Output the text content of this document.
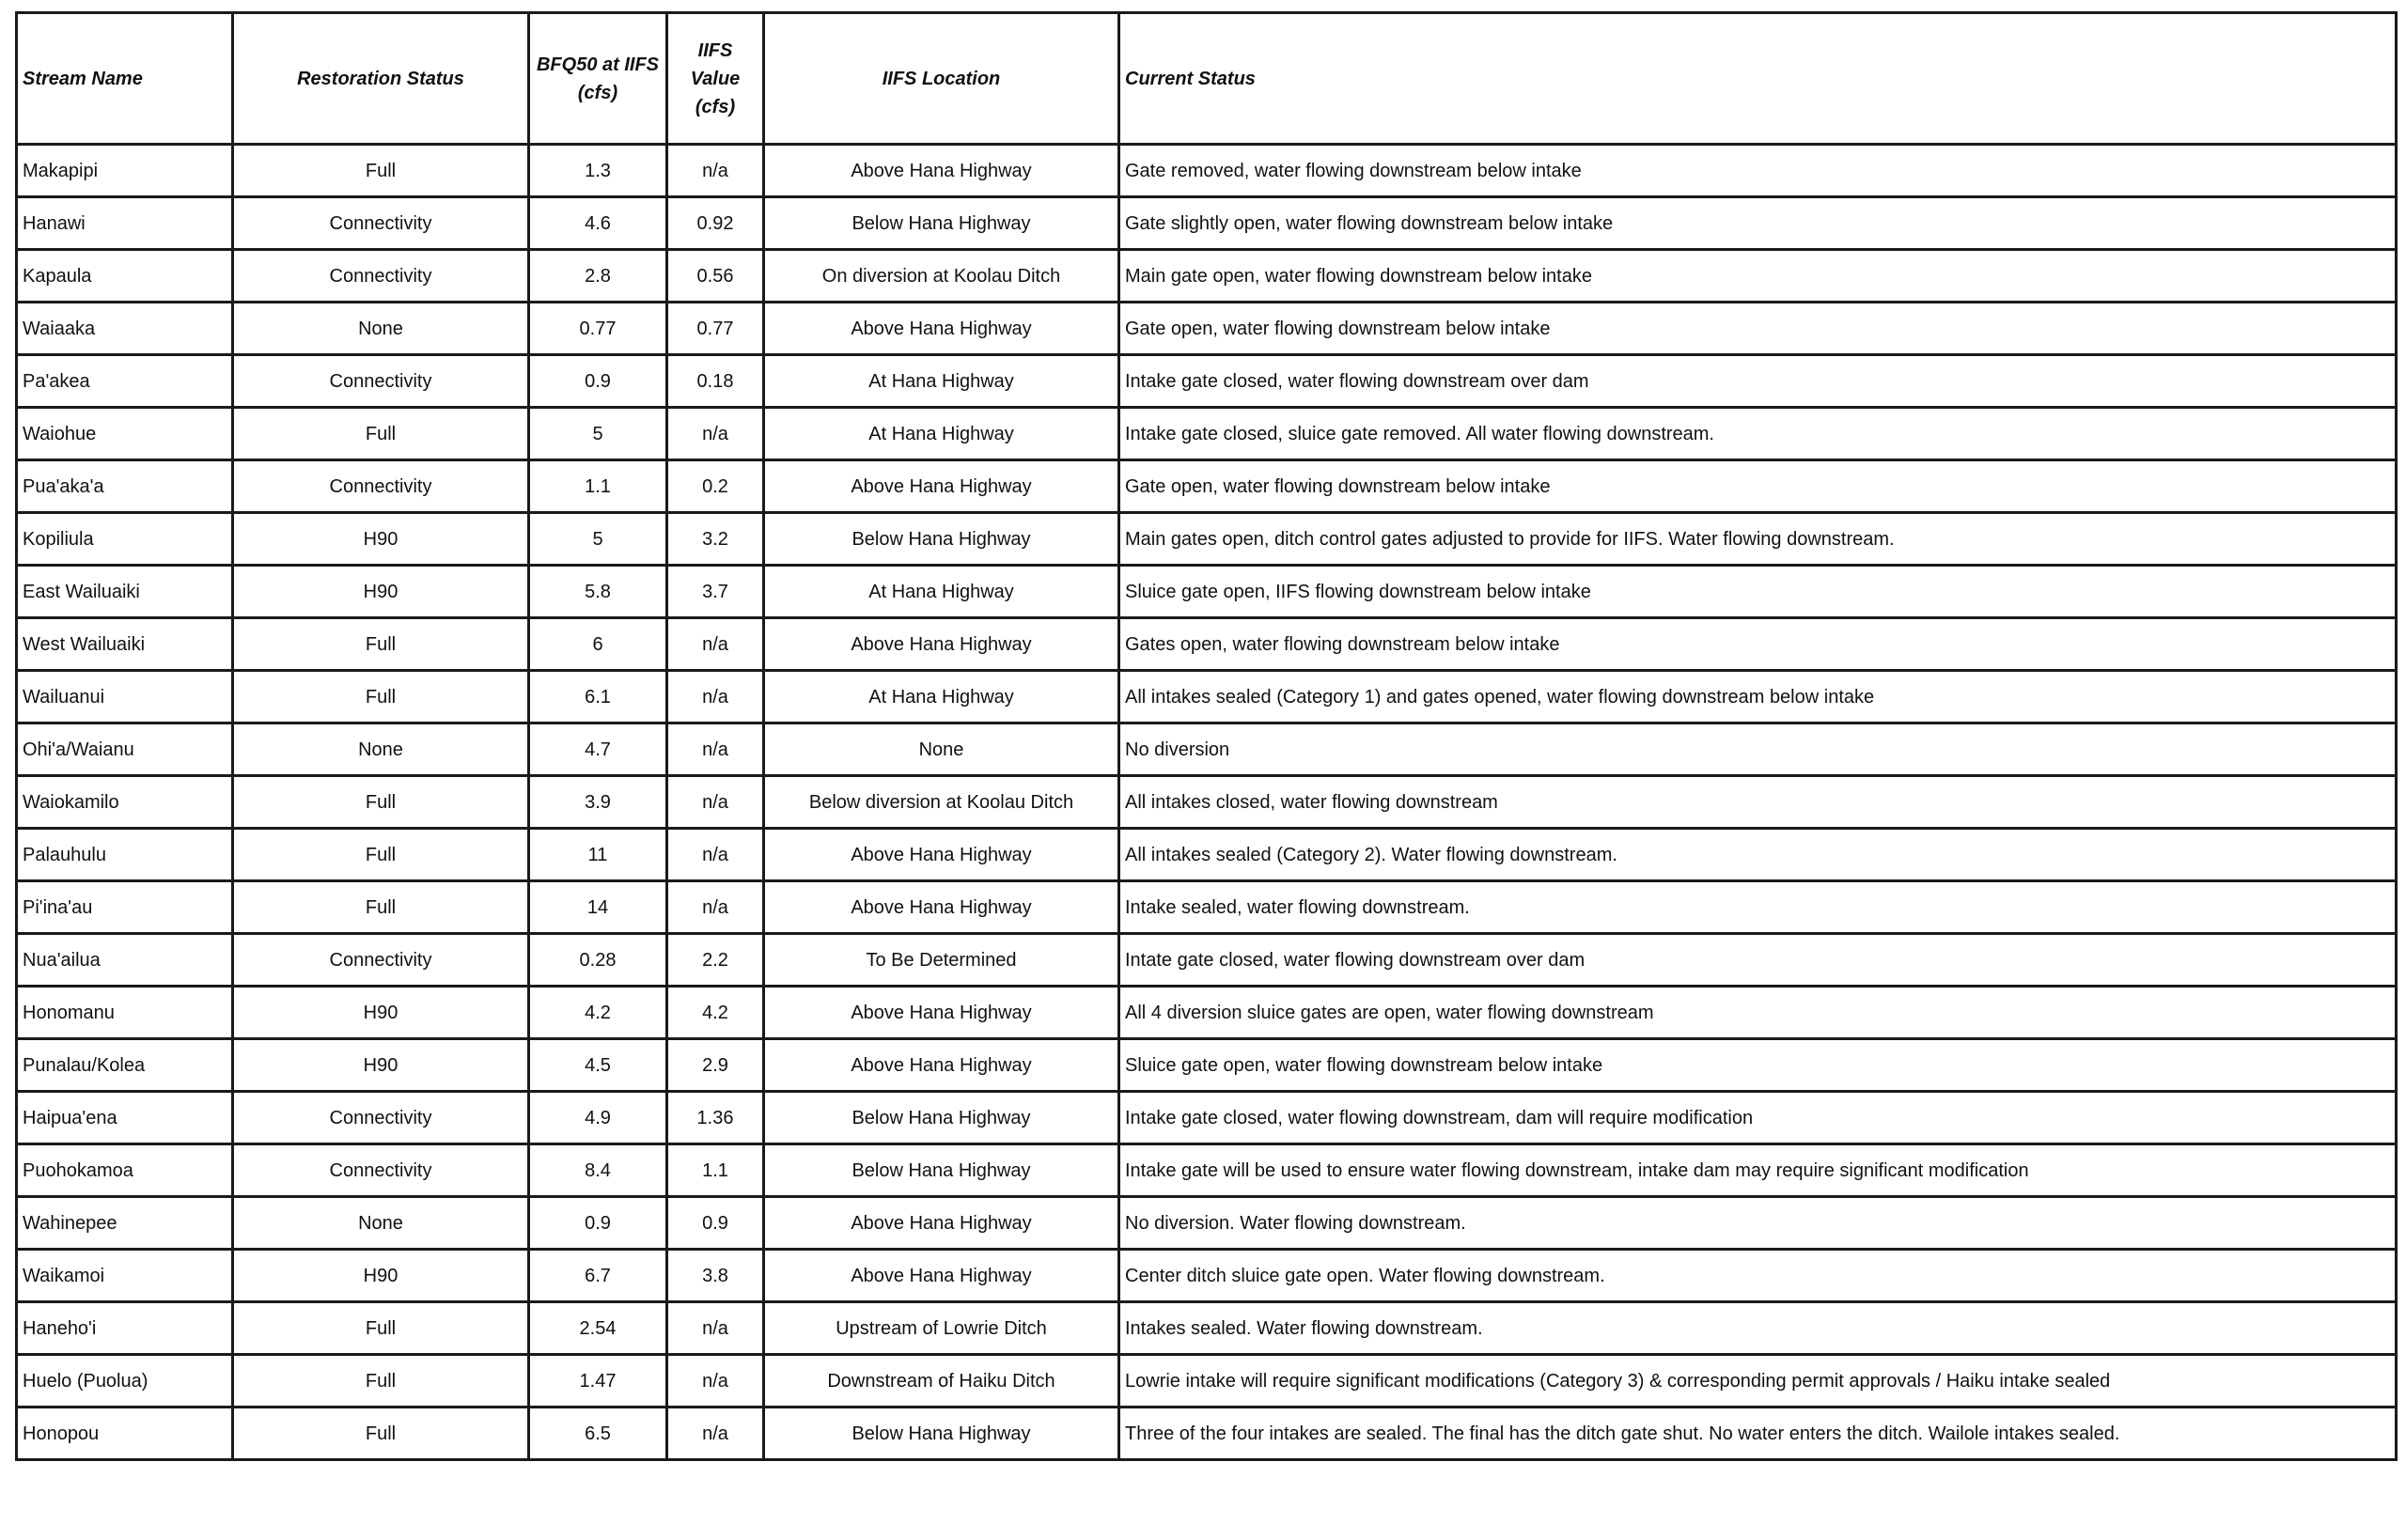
Stream Name	Restoration Status	BFQ50 at IIFS (cfs)	IIFS Value (cfs)	IIFS Location	Current Status
Makapipi	Full	1.3	n/a	Above Hana Highway	Gate removed, water flowing downstream below intake
Hanawi	Connectivity	4.6	0.92	Below Hana Highway	Gate slightly open, water flowing downstream below intake
Kapaula	Connectivity	2.8	0.56	On diversion at Koolau Ditch	Main gate open, water flowing downstream below intake
Waiaaka	None	0.77	0.77	Above Hana Highway	Gate open, water flowing downstream below intake
Pa'akea	Connectivity	0.9	0.18	At Hana Highway	Intake gate closed, water flowing downstream over dam
Waiohue	Full	5	n/a	At Hana Highway	Intake gate closed, sluice gate removed. All water flowing downstream.
Pua'aka'a	Connectivity	1.1	0.2	Above Hana Highway	Gate open, water flowing downstream below intake
Kopiliula	H90	5	3.2	Below Hana Highway	Main gates open, ditch control gates adjusted to provide for IIFS. Water flowing downstream.
East Wailuaiki	H90	5.8	3.7	At Hana Highway	Sluice gate open, IIFS flowing downstream below intake
West Wailuaiki	Full	6	n/a	Above Hana Highway	Gates open, water flowing downstream below intake
Wailuanui	Full	6.1	n/a	At Hana Highway	All intakes sealed (Category 1) and gates opened, water flowing downstream below intake
Ohi'a/Waianu	None	4.7	n/a	None	No diversion
Waiokamilo	Full	3.9	n/a	Below diversion at Koolau Ditch	All intakes closed, water flowing downstream
Palauhulu	Full	11	n/a	Above Hana Highway	All intakes sealed (Category 2). Water flowing downstream.
Pi'ina'au	Full	14	n/a	Above Hana Highway	Intake sealed, water flowing downstream.
Nua'ailua	Connectivity	0.28	2.2	To Be Determined	Intate gate closed, water flowing downstream over dam
Honomanu	H90	4.2	4.2	Above Hana Highway	All 4 diversion sluice gates are open, water flowing downstream
Punalau/Kolea	H90	4.5	2.9	Above Hana Highway	Sluice gate open, water flowing downstream below intake
Haipua'ena	Connectivity	4.9	1.36	Below Hana Highway	Intake gate closed, water flowing downstream, dam will require modification
Puohokamoa	Connectivity	8.4	1.1	Below Hana Highway	Intake gate will be used to ensure water flowing downstream, intake dam may require significant modification
Wahinepee	None	0.9	0.9	Above Hana Highway	No diversion. Water flowing downstream.
Waikamoi	H90	6.7	3.8	Above Hana Highway	Center ditch sluice gate open. Water flowing downstream.
Haneho'i	Full	2.54	n/a	Upstream of Lowrie Ditch	Intakes sealed. Water flowing downstream.
Huelo (Puolua)	Full	1.47	n/a	Downstream of Haiku Ditch	Lowrie intake will require significant modifications (Category 3) & corresponding permit approvals / Haiku intake sealed
Honopou	Full	6.5	n/a	Below Hana Highway	Three of the four intakes are sealed. The final has the ditch gate shut. No water enters the ditch. Wailole intakes sealed.
